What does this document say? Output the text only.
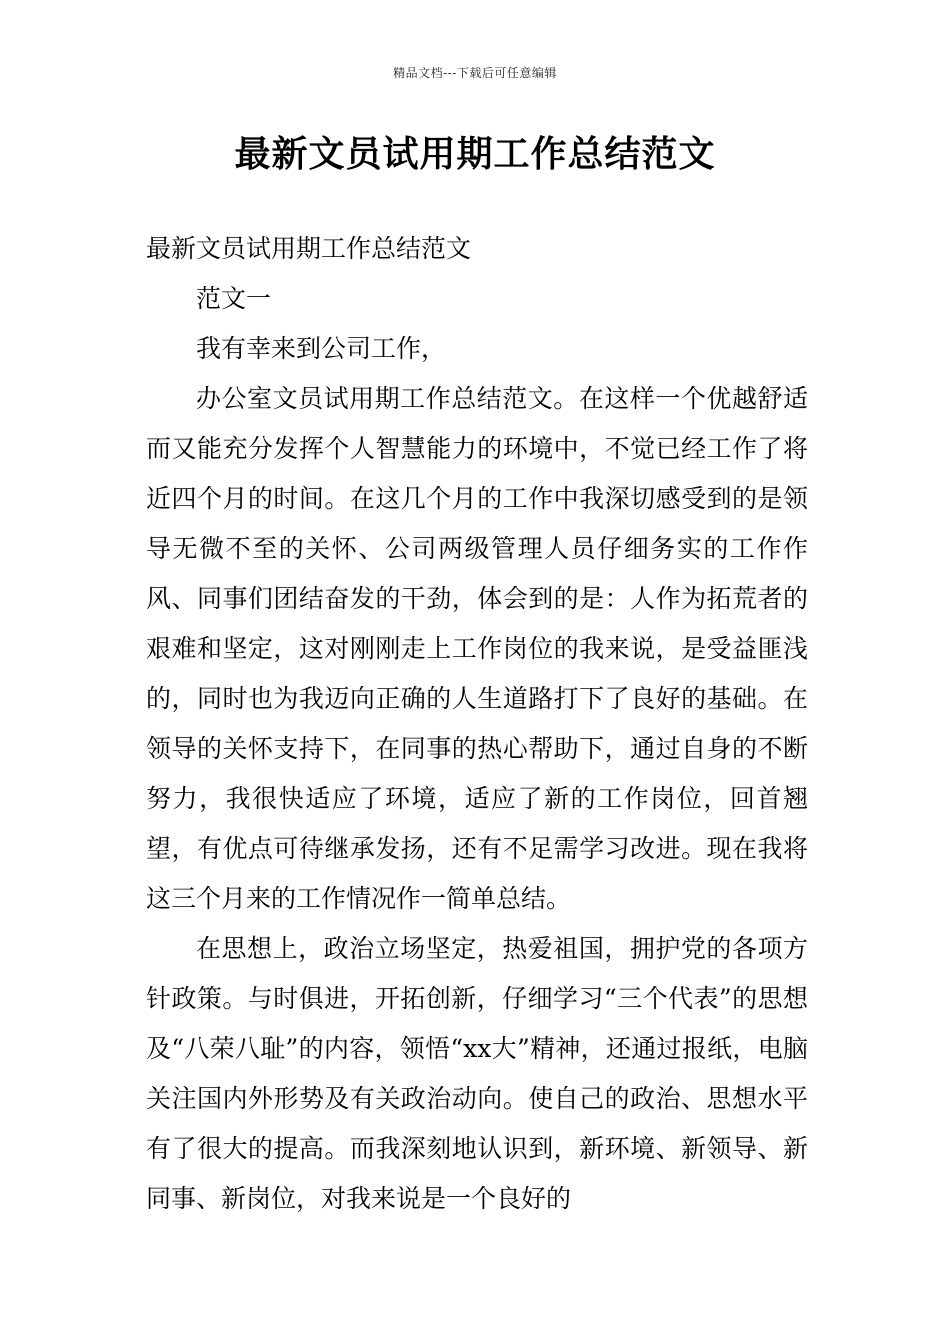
精品文档---下载后可任意编辑
最新文员试用期工作总结范文

最新文员试用期工作总结范文

范文一

我有幸来到公司工作，

办公室文员试用期工作总结范文。在这样一个优越舒适而又能充分发挥个人智慧能力的环境中，不觉已经工作了将近四个月的时间。在这几个月的工作中我深切感受到的是领导无微不至的关怀、公司两级管理人员仔细务实的工作作风、同事们团结奋发的干劲，体会到的是：人作为拓荒者的艰难和坚定，这对刚刚走上工作岗位的我来说，是受益匪浅的，同时也为我迈向正确的人生道路打下了良好的基础。在领导的关怀支持下，在同事的热心帮助下，通过自身的不断努力，我很快适应了环境，适应了新的工作岗位，回首翘望，有优点可待继承发扬，还有不足需学习改进。现在我将这三个月来的工作情况作一简单总结。

在思想上，政治立场坚定，热爱祖国，拥护党的各项方针政策。与时俱进，开拓创新，仔细学习“三个代表”的思想及“八荣八耻”的内容，领悟“xx大”精神，还通过报纸，电脑关注国内外形势及有关政治动向。使自己的政治、思想水平有了很大的提高。而我深刻地认识到，新环境、新领导、新同事、新岗位，对我来说是一个良好的
